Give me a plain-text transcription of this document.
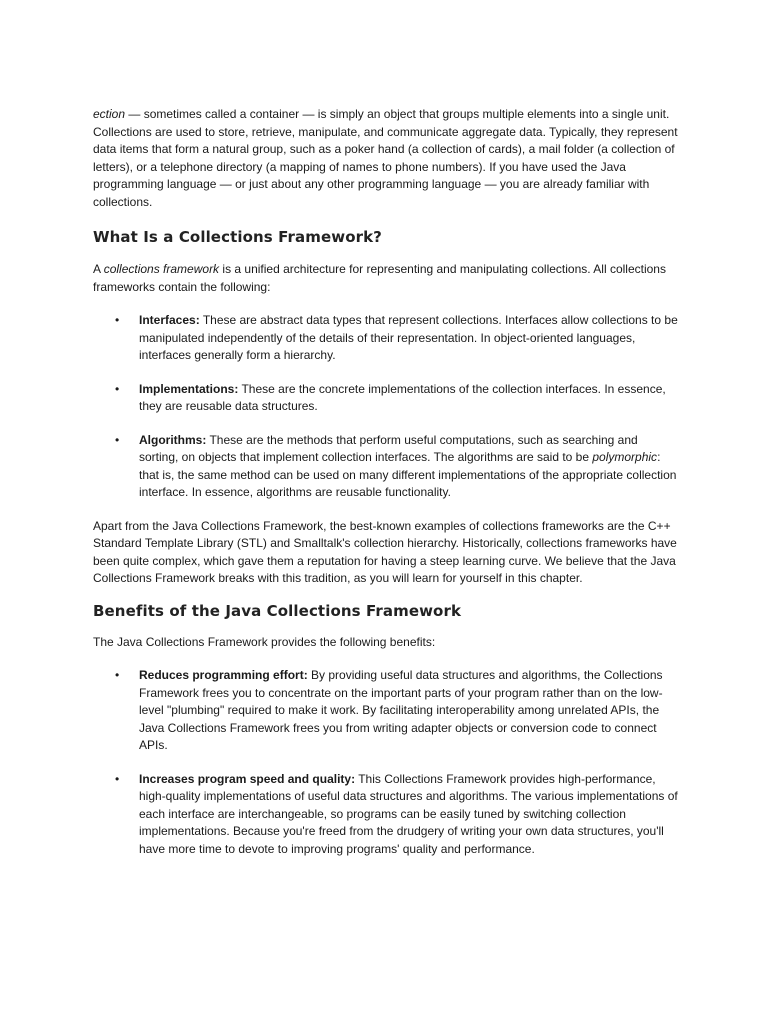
ection — sometimes called a container — is simply an object that groups multiple elements into a single unit. Collections are used to store, retrieve, manipulate, and communicate aggregate data. Typically, they represent data items that form a natural group, such as a poker hand (a collection of cards), a mail folder (a collection of letters), or a telephone directory (a mapping of names to phone numbers). If you have used the Java programming language — or just about any other programming language — you are already familiar with collections.

What Is a Collections Framework?

A collections framework is a unified architecture for representing and manipulating collections. All collections frameworks contain the following:

• Interfaces: These are abstract data types that represent collections. Interfaces allow collections to be manipulated independently of the details of their representation. In object-oriented languages, interfaces generally form a hierarchy.
• Implementations: These are the concrete implementations of the collection interfaces. In essence, they are reusable data structures.
• Algorithms: These are the methods that perform useful computations, such as searching and sorting, on objects that implement collection interfaces. The algorithms are said to be polymorphic: that is, the same method can be used on many different implementations of the appropriate collection interface. In essence, algorithms are reusable functionality.

Apart from the Java Collections Framework, the best-known examples of collections frameworks are the C++ Standard Template Library (STL) and Smalltalk's collection hierarchy. Historically, collections frameworks have been quite complex, which gave them a reputation for having a steep learning curve. We believe that the Java Collections Framework breaks with this tradition, as you will learn for yourself in this chapter.

Benefits of the Java Collections Framework

The Java Collections Framework provides the following benefits:

• Reduces programming effort: By providing useful data structures and algorithms, the Collections Framework frees you to concentrate on the important parts of your program rather than on the low-level "plumbing" required to make it work. By facilitating interoperability among unrelated APIs, the Java Collections Framework frees you from writing adapter objects or conversion code to connect APIs.
• Increases program speed and quality: This Collections Framework provides high-performance, high-quality implementations of useful data structures and algorithms. The various implementations of each interface are interchangeable, so programs can be easily tuned by switching collection implementations. Because you're freed from the drudgery of writing your own data structures, you'll have more time to devote to improving programs' quality and performance.
